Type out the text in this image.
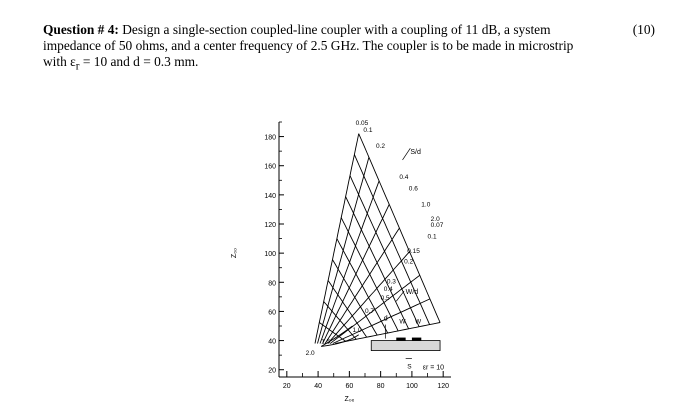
Question # 4: Design a single-section coupled-line coupler with a coupling of 11 dB, a system	(10)
impedance of 50 ohms, and a center frequency of 2.5 GHz. The coupler is to be made in microstrip
with $\varepsilon_r = 10$ and d = 0.3 mm.
20
40
60
80
100
120
140
160
180
20	40	60	80	100	120
Z₀ₑ
Z₀ₒ
0.05
0.1
0.2
0.4
0.6
1.0
2.0
0.07
S/d
0.1
0.15
0.2
0.3
0.4
0.5
0.7
1.0
1.5
2.0
W/d
d W W
S εr = 10
